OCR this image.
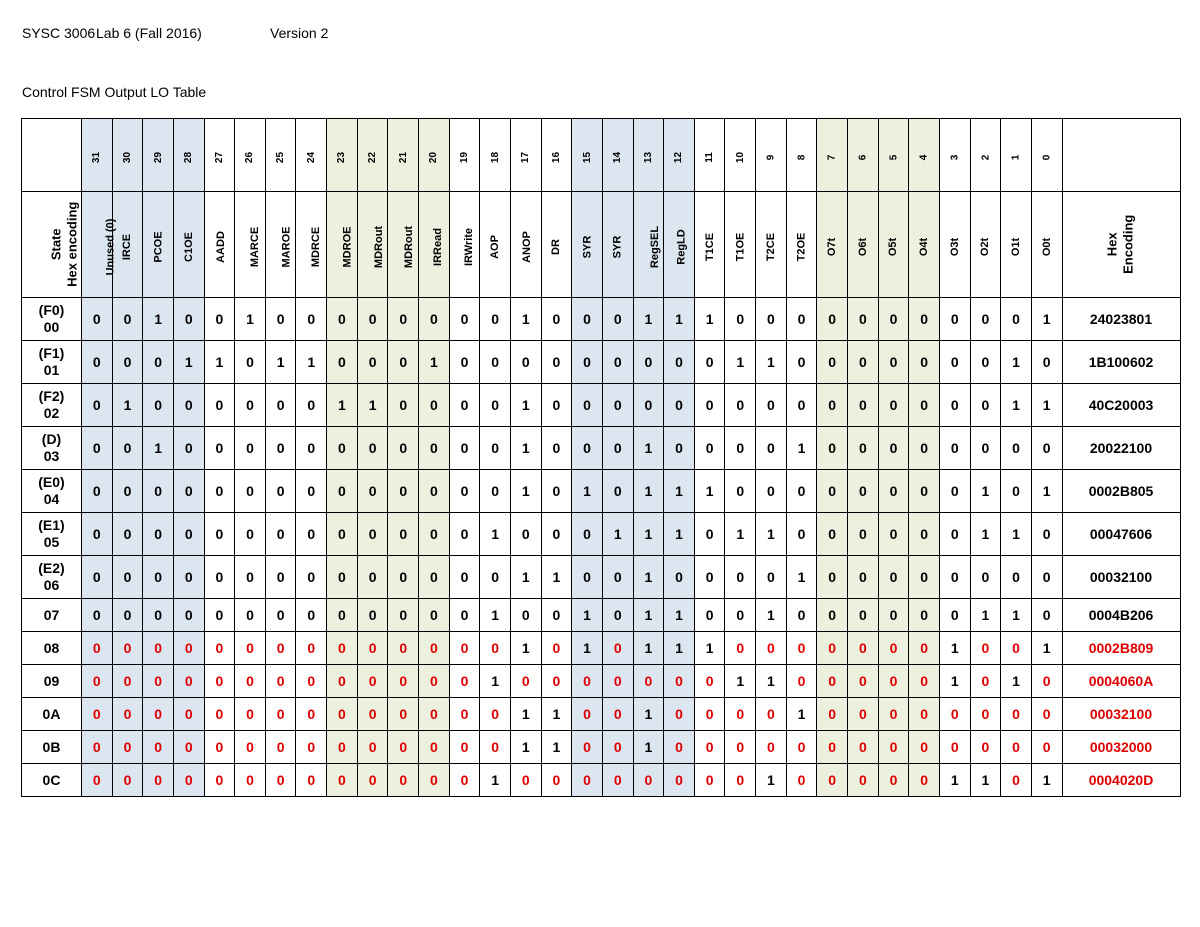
SYSC 3006

Lab 6 (Fall 2016)

	Version 2

Control FSM Output LO Table
	31	30	29	28	27	26	25	24	23	22	21	20	19	18	17	16	15	14	13	12	11	10	9	8	7	6	5	4	3	2	1	0	
State
Hex encoding	Unused (0)	IRCE	PCOE	C1OE	AADD	MARCE	MAROE	MDRCE	MDROE	MDRout	MDRout	IRRead	IRWrite	AOP	ANOP	DR	SYR	SYR	RegSEL	RegLD	T1CE	T1OE	T2CE	T2OE	O7t	O6t	O5t	O4t	O3t	O2t	O1t	O0t	Hex
Encoding

(F0)
00	0	0	1	0	0	1	0	0	0	0	0	0	0	0	1	0	0	0	1	1	1	0	0	0	0	0	0	0	0	0	0	1	24023801

(F1)
01	0	0	0	1	1	0	1	1	0	0	0	1	0	0	0	0	0	0	0	0	0	1	1	0	0	0	0	0	0	0	1	0	1B100602

(F2)
02	0	1	0	0	0	0	0	0	1	1	0	0	0	0	1	0	0	0	0	0	0	0	0	0	0	0	0	0	0	0	1	1	40C20003

(D)
03	0	0	1	0	0	0	0	0	0	0	0	0	0	0	1	0	0	0	1	0	0	0	0	1	0	0	0	0	0	0	0	0	20022100

(E0)
04	0	0	0	0	0	0	0	0	0	0	0	0	0	0	1	0	1	0	1	1	1	0	0	0	0	0	0	0	0	1	0	1	0002B805

(E1)
05	0	0	0	0	0	0	0	0	0	0	0	0	0	1	0	0	0	1	1	1	0	1	1	0	0	0	0	0	0	1	1	0	00047606

(E2)
06	0	0	0	0	0	0	0	0	0	0	0	0	0	0	1	1	0	0	1	0	0	0	0	1	0	0	0	0	0	0	0	0	00032100

07	0	0	0	0	0	0	0	0	0	0	0	0	0	1	0	0	1	0	1	1	0	0	1	0	0	0	0	0	0	1	1	0	0004B206

08	0	0	0	0	0	0	0	0	0	0	0	0	0	0	1	0	1	0	1	1	1	0	0	0	0	0	0	0	1	0	0	1	0002B809

09	0	0	0	0	0	0	0	0	0	0	0	0	0	1	0	0	0	0	0	0	0	1	1	0	0	0	0	0	1	0	1	0	0004060A

0A	0	0	0	0	0	0	0	0	0	0	0	0	0	0	1	1	0	0	1	0	0	0	0	1	0	0	0	0	0	0	0	0	00032100

0B	0	0	0	0	0	0	0	0	0	0	0	0	0	0	1	1	0	0	1	0	0	0	0	0	0	0	0	0	0	0	0	0	00032000

0C	0	0	0	0	0	0	0	0	0	0	0	0	0	1	0	0	0	0	0	0	0	0	1	0	0	0	0	0	1	1	0	1	0004020D
